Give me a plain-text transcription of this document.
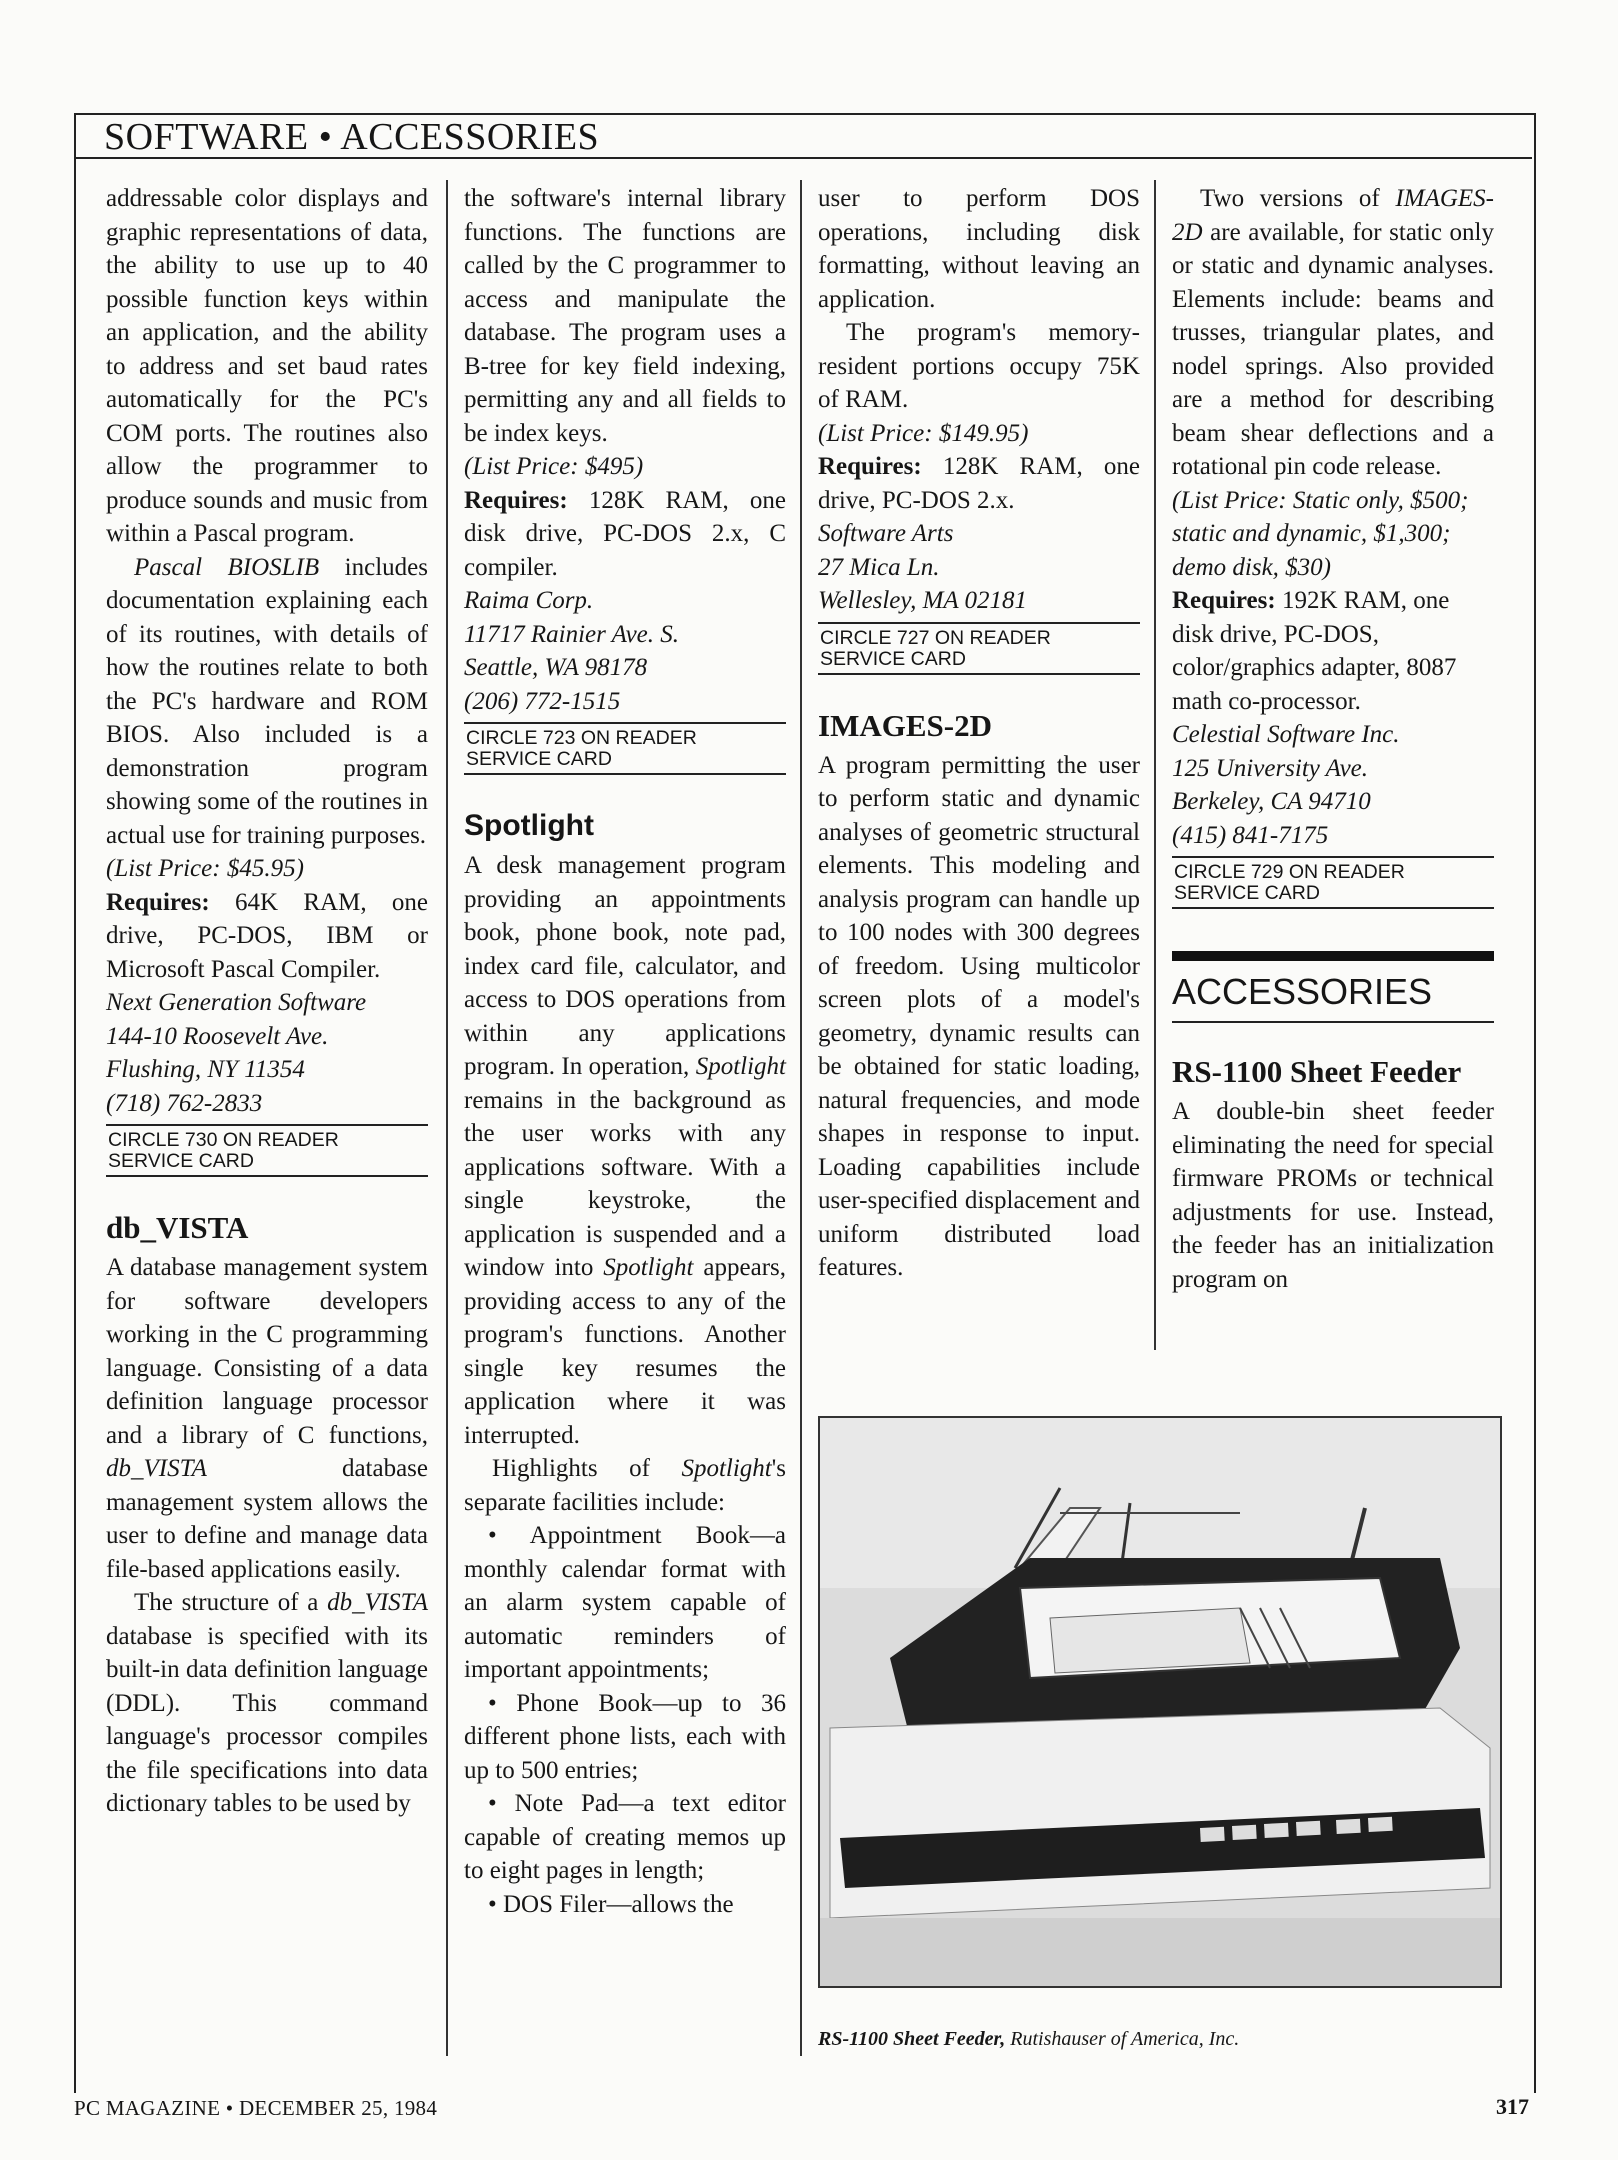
SOFTWARE • ACCESSORIES

addressable color displays and graphic representations of data, the ability to use up to 40 possible function keys within an application, and the ability to address and set baud rates automatically for the PC's COM ports. The routines also allow the programmer to produce sounds and music from within a Pascal program.

Pascal BIOSLIB includes documentation explaining each of its routines, with details of how the routines relate to both the PC's hardware and ROM BIOS. Also included is a demonstration program showing some of the routines in actual use for training purposes.

(List Price: $45.95)

Requires: 64K RAM, one drive, PC-DOS, IBM or Microsoft Pascal Compiler.

Next Generation Software

144-10 Roosevelt Ave.

Flushing, NY 11354

(718) 762-2833

CIRCLE 730 ON READER
SERVICE CARD
db_VISTA

A database management system for software developers working in the C programming language. Consisting of a data definition language processor and a library of C functions, db_VISTA database management system allows the user to define and manage data file-based applications easily.

The structure of a db_VISTA database is specified with its built-in data definition language (DDL). This command language's processor compiles the file specifications into data dictionary tables to be used by

the software's internal library functions. The functions are called by the C programmer to access and manipulate the database. The program uses a B-tree for key field indexing, permitting any and all fields to be index keys.

(List Price: $495)

Requires: 128K RAM, one disk drive, PC-DOS 2.x, C compiler.

Raima Corp.

11717 Rainier Ave. S.

Seattle, WA 98178

(206) 772-1515

CIRCLE 723 ON READER
SERVICE CARD
Spotlight

A desk management program providing an appointments book, phone book, note pad, index card file, calculator, and access to DOS operations from within any applications program. In operation, Spotlight remains in the background as the user works with any applications software. With a single keystroke, the application is suspended and a window into Spotlight appears, providing access to any of the program's functions. Another single key resumes the application where it was interrupted.

Highlights of Spotlight's separate facilities include:

• Appointment Book—a monthly calendar format with an alarm system capable of automatic reminders of important appointments;

• Phone Book—up to 36 different phone lists, each with up to 500 entries;

• Note Pad—a text editor capable of creating memos up to eight pages in length;

• DOS Filer—allows the

user to perform DOS operations, including disk formatting, without leaving an application.

The program's memory-resident portions occupy 75K of RAM.

(List Price: $149.95)

Requires: 128K RAM, one drive, PC-DOS 2.x.

Software Arts

27 Mica Ln.

Wellesley, MA 02181

CIRCLE 727 ON READER
SERVICE CARD
IMAGES-2D

A program permitting the user to perform static and dynamic analyses of geometric structural elements. This modeling and analysis program can handle up to 100 nodes with 300 degrees of freedom. Using multicolor screen plots of a model's geometry, dynamic results can be obtained for static loading, natural frequencies, and mode shapes in response to input. Loading capabilities include user-specified displacement and uniform distributed load features.

Two versions of IMAGES-2D are available, for static only or static and dynamic analyses. Elements include: beams and trusses, triangular plates, and nodel springs. Also provided are a method for describing beam shear deflections and a rotational pin code release.

(List Price: Static only, $500; static and dynamic, $1,300; demo disk, $30)

Requires: 192K RAM, one disk drive, PC-DOS, color/graphics adapter, 8087 math co-processor.

Celestial Software Inc.

125 University Ave.

Berkeley, CA 94710

(415) 841-7175

CIRCLE 729 ON READER
SERVICE CARD
ACCESSORIES
RS-1100 Sheet Feeder

A double-bin sheet feeder eliminating the need for special firmware PROMs or technical adjustments for use. Instead, the feeder has an initialization program on

RS-1100 Sheet Feeder, Rutishauser of America, Inc.
PC MAGAZINE • DECEMBER 25, 1984	317
